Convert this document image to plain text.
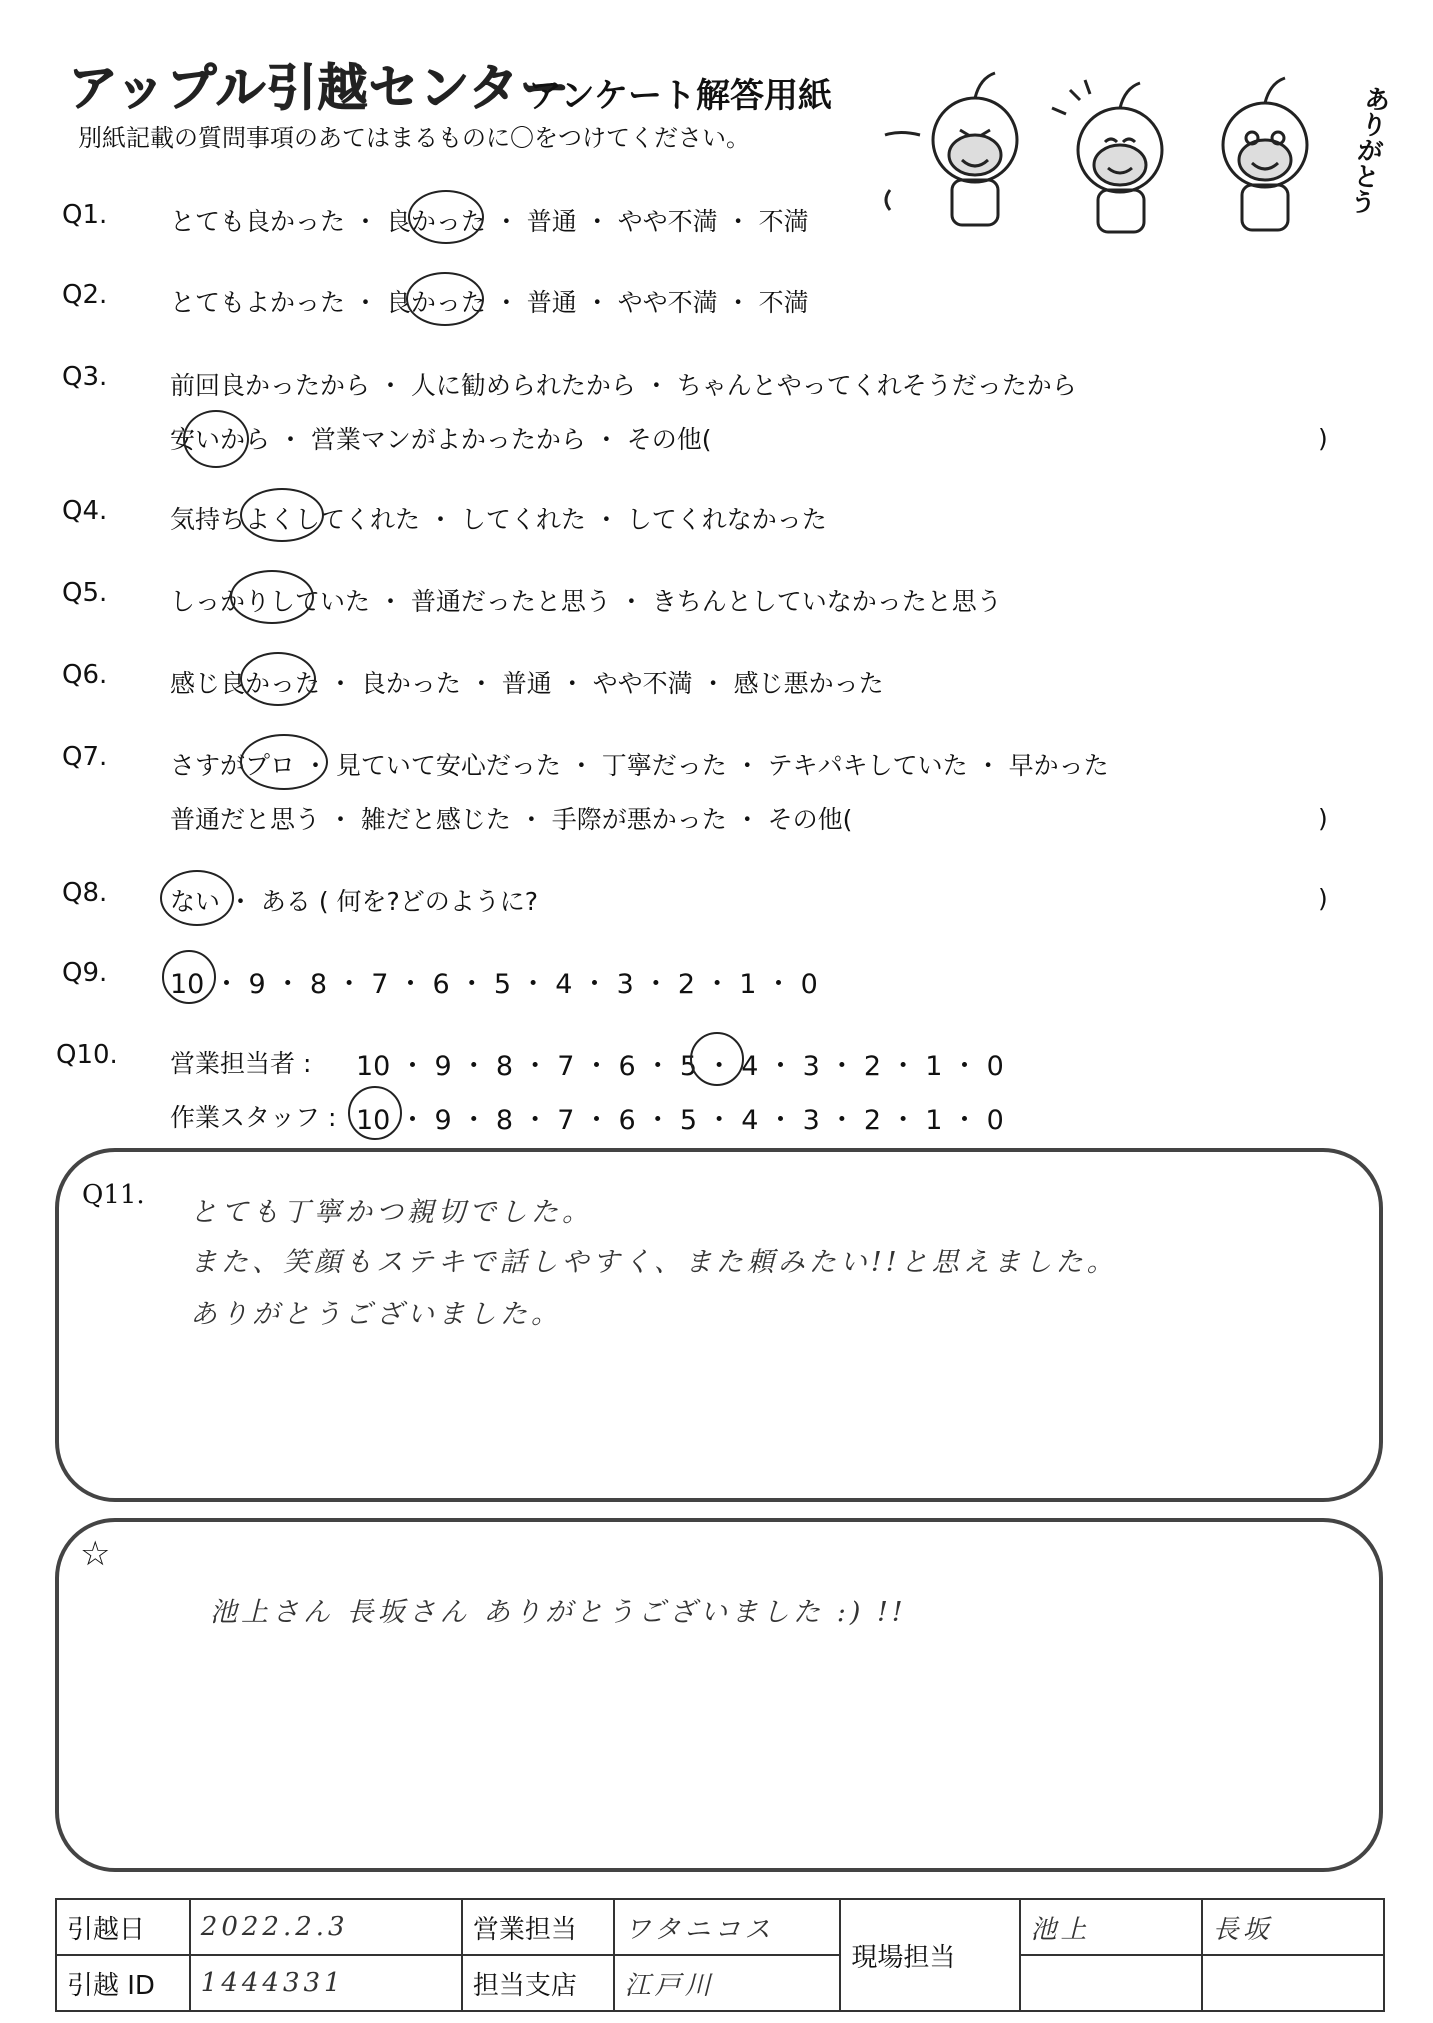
アップル引越センター
アンケート解答用紙
別紙記載の質問事項のあてはまるものに〇をつけてください。	ありがとう
Q1.	とても良かった ・ 良かった ・ 普通 ・ やや不満 ・ 不満
Q2.	とてもよかった ・ 良かった ・ 普通 ・ やや不満 ・ 不満
Q3.	前回良かったから ・ 人に勧められたから ・ ちゃんとやってくれそうだったから
安いから ・ 営業マンがよかったから ・ その他(	)
Q4.	気持ちよくしてくれた ・ してくれた ・ してくれなかった
Q5.	しっかりしていた ・ 普通だったと思う ・ きちんとしていなかったと思う
Q6.	感じ良かった ・ 良かった ・ 普通 ・ やや不満 ・ 感じ悪かった
Q7.	さすがプロ ・ 見ていて安心だった ・ 丁寧だった ・ テキパキしていた ・ 早かった
普通だと思う ・ 雑だと感じた ・ 手際が悪かった ・ その他(	)
Q8.	ない ・ ある ( 何を?どのように?	)
Q9. 10 ・ 9 ・ 8 ・ 7 ・ 6 ・ 5 ・ 4 ・ 3 ・ 2 ・ 1 ・ 0
Q10. 営業担当者 : 10 ・ 9 ・ 8 ・ 7 ・ 6 ・ 5 ・ 4 ・ 3 ・ 2 ・ 1 ・ 0
作業スタッフ : 10 ・ 9 ・ 8 ・ 7 ・ 6 ・ 5 ・ 4 ・ 3 ・ 2 ・ 1 ・ 0
Q11.
とても丁寧かつ親切でした。
また、笑顔もステキで話しやすく、また頼みたい!!と思えました。
ありがとうございました。
☆
池上さん 長坂さん ありがとうございました :) !!
引越日	2022.2.3	営業担当	ワタニコス	現場担当	池上	長坂
引越 ID	1444331	担当支店	江戸川			
